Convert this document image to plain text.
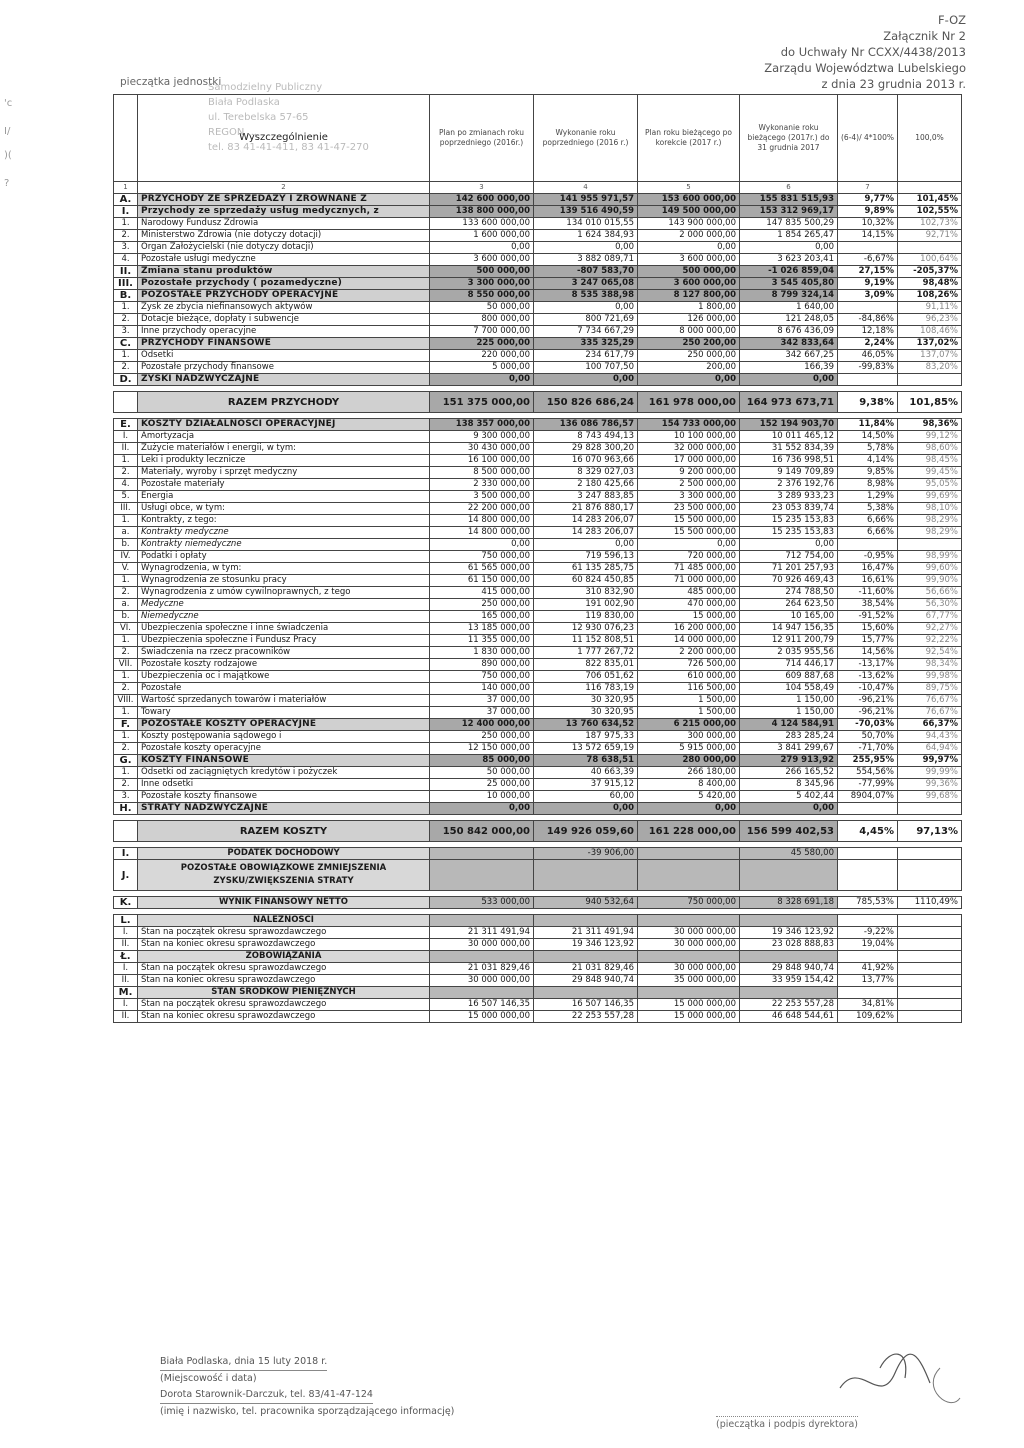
F-OZ
Załącznik Nr 2
do Uchwały Nr CCXX/4438/2013
Zarządu Województwa Lubelskiego
z dnia 23 grudnia 2013 r.
pieczątka jednostki
Samodzielny Publiczny
Biała Podlaska
ul. Terebelska 57-65
REGON ...
tel. 83 41-41-411, 83 41-47-270
'c
I/
)(
?
	Wyszczególnienie	Plan po zmianach roku poprzedniego (2016r.)	Wykonanie roku poprzedniego (2016 r.)	Plan roku bieżącego po korekcie (2017 r.)	Wykonanie roku bieżącego (2017r.) do 31 grudnia 2017	(6-4)/ 4*100%	100,0%
1	2	3	4	5	6	7	
A.	PRZYCHODY ZE SPRZEDAŻY I ZRÓWNANE Z	142 600 000,00	141 955 971,57	153 600 000,00	155 831 515,93	9,77%	101,45%
I.	Przychody ze sprzedaży usług medycznych, z	138 800 000,00	139 516 490,59	149 500 000,00	153 312 969,17	9,89%	102,55%
1.	Narodowy Fundusz Zdrowia	133 600 000,00	134 010 015,55	143 900 000,00	147 835 500,29	10,32%	102,73%
2.	Ministerstwo Zdrowia (nie dotyczy dotacji)	1 600 000,00	1 624 384,93	2 000 000,00	1 854 265,47	14,15%	92,71%
3.	Organ Założycielski (nie dotyczy dotacji)	0,00	0,00	0,00	0,00		
4.	Pozostałe usługi medyczne	3 600 000,00	3 882 089,71	3 600 000,00	3 623 203,41	-6,67%	100,64%
II.	Zmiana stanu produktów	500 000,00	-807 583,70	500 000,00	-1 026 859,04	27,15%	-205,37%
III.	Pozostałe przychody ( pozamedyczne)	3 300 000,00	3 247 065,08	3 600 000,00	3 545 405,80	9,19%	98,48%
B.	POZOSTAŁE PRZYCHODY OPERACYJNE	8 550 000,00	8 535 388,98	8 127 800,00	8 799 324,14	3,09%	108,26%
1.	Zysk ze zbycia niefinansowych aktywów	50 000,00	0,00	1 800,00	1 640,00		91,11%
2.	Dotacje bieżące, dopłaty i subwencje	800 000,00	800 721,69	126 000,00	121 248,05	-84,86%	96,23%
3.	Inne przychody operacyjne	7 700 000,00	7 734 667,29	8 000 000,00	8 676 436,09	12,18%	108,46%
C.	PRZYCHODY FINANSOWE	225 000,00	335 325,29	250 200,00	342 833,64	2,24%	137,02%
1.	Odsetki	220 000,00	234 617,79	250 000,00	342 667,25	46,05%	137,07%
2.	Pozostałe przychody finansowe	5 000,00	100 707,50	200,00	166,39	-99,83%	83,20%
D.	ZYSKI NADZWYCZAJNE	0,00	0,00	0,00	0,00		

	RAZEM PRZYCHODY	151 375 000,00	150 826 686,24	161 978 000,00	164 973 673,71	9,38%	101,85%

E.	KOSZTY DZIAŁALNOŚCI OPERACYJNEJ	138 357 000,00	136 086 786,57	154 733 000,00	152 194 903,70	11,84%	98,36%
I.	Amortyzacja	9 300 000,00	8 743 494,13	10 100 000,00	10 011 465,12	14,50%	99,12%
II.	Zużycie materiałów i energii, w tym:	30 430 000,00	29 828 300,20	32 000 000,00	31 552 834,39	5,78%	98,60%
1.	Leki i produkty lecznicze	16 100 000,00	16 070 963,66	17 000 000,00	16 736 998,51	4,14%	98,45%
2.	Materiały, wyroby i sprzęt medyczny	8 500 000,00	8 329 027,03	9 200 000,00	9 149 709,89	9,85%	99,45%
4.	Pozostałe materiały	2 330 000,00	2 180 425,66	2 500 000,00	2 376 192,76	8,98%	95,05%
5.	Energia	3 500 000,00	3 247 883,85	3 300 000,00	3 289 933,23	1,29%	99,69%
III.	Usługi obce, w tym:	22 200 000,00	21 876 880,17	23 500 000,00	23 053 839,74	5,38%	98,10%
1.	Kontrakty, z tego:	14 800 000,00	14 283 206,07	15 500 000,00	15 235 153,83	6,66%	98,29%
a.	Kontrakty medyczne	14 800 000,00	14 283 206,07	15 500 000,00	15 235 153,83	6,66%	98,29%
b.	Kontrakty niemedyczne	0,00	0,00	0,00	0,00		
IV.	Podatki i opłaty	750 000,00	719 596,13	720 000,00	712 754,00	-0,95%	98,99%
V.	Wynagrodzenia, w tym:	61 565 000,00	61 135 285,75	71 485 000,00	71 201 257,93	16,47%	99,60%
1.	Wynagrodzenia ze stosunku pracy	61 150 000,00	60 824 450,85	71 000 000,00	70 926 469,43	16,61%	99,90%
2.	Wynagrodzenia z umów cywilnoprawnych, z tego	415 000,00	310 832,90	485 000,00	274 788,50	-11,60%	56,66%
a.	Medyczne	250 000,00	191 002,90	470 000,00	264 623,50	38,54%	56,30%
b.	Niemedyczne	165 000,00	119 830,00	15 000,00	10 165,00	-91,52%	67,77%
VI.	Ubezpieczenia społeczne i inne świadczenia	13 185 000,00	12 930 076,23	16 200 000,00	14 947 156,35	15,60%	92,27%
1.	Ubezpieczenia społeczne i Fundusz Pracy	11 355 000,00	11 152 808,51	14 000 000,00	12 911 200,79	15,77%	92,22%
2.	Świadczenia na rzecz pracowników	1 830 000,00	1 777 267,72	2 200 000,00	2 035 955,56	14,56%	92,54%
VII.	Pozostałe koszty rodzajowe	890 000,00	822 835,01	726 500,00	714 446,17	-13,17%	98,34%
1.	Ubezpieczenia oc i majątkowe	750 000,00	706 051,62	610 000,00	609 887,68	-13,62%	99,98%
2.	Pozostałe	140 000,00	116 783,19	116 500,00	104 558,49	-10,47%	89,75%
VIII.	Wartość sprzedanych towarów i materiałów	37 000,00	30 320,95	1 500,00	1 150,00	-96,21%	76,67%
1.	Towary	37 000,00	30 320,95	1 500,00	1 150,00	-96,21%	76,67%
F.	POZOSTAŁE KOSZTY OPERACYJNE	12 400 000,00	13 760 634,52	6 215 000,00	4 124 584,91	-70,03%	66,37%
1.	Koszty postępowania sądowego i	250 000,00	187 975,33	300 000,00	283 285,24	50,70%	94,43%
2.	Pozostałe koszty operacyjne	12 150 000,00	13 572 659,19	5 915 000,00	3 841 299,67	-71,70%	64,94%
G.	KOSZTY FINANSOWE	85 000,00	78 638,51	280 000,00	279 913,92	255,95%	99,97%
1.	Odsetki od zaciągniętych kredytów i pożyczek	50 000,00	40 663,39	266 180,00	266 165,52	554,56%	99,99%
2.	Inne odsetki	25 000,00	37 915,12	8 400,00	8 345,96	-77,99%	99,36%
3.	Pozostałe koszty finansowe	10 000,00	60,00	5 420,00	5 402,44	8904,07%	99,68%
H.	STRATY NADZWYCZAJNE	0,00	0,00	0,00	0,00		

	RAZEM KOSZTY	150 842 000,00	149 926 059,60	161 228 000,00	156 599 402,53	4,45%	97,13%

I.	PODATEK DOCHODOWY		-39 906,00		45 580,00		
J.	POZOSTAŁE OBOWIĄZKOWE ZMNIEJSZENIA ZYSKU/ZWIĘKSZENIA STRATY						

K.	WYNIK FINANSOWY NETTO	533 000,00	940 532,64	750 000,00	8 328 691,18	785,53%	1110,49%

L.	NALEŻNOŚCI						
I.	Stan na początek okresu sprawozdawczego	21 311 491,94	21 311 491,94	30 000 000,00	19 346 123,92	-9,22%	
II.	Stan na koniec okresu sprawozdawczego	30 000 000,00	19 346 123,92	30 000 000,00	23 028 888,83	19,04%	
Ł.	ZOBOWIĄZANIA						
I.	Stan na początek okresu sprawozdawczego	21 031 829,46	21 031 829,46	30 000 000,00	29 848 940,74	41,92%	
II.	Stan na koniec okresu sprawozdawczego	30 000 000,00	29 848 940,74	35 000 000,00	33 959 154,42	13,77%	
M.	STAN ŚRODKÓW PIENIĘŻNYCH						
I.	Stan na początek okresu sprawozdawczego	16 507 146,35	16 507 146,35	15 000 000,00	22 253 557,28	34,81%	
II.	Stan na koniec okresu sprawozdawczego	15 000 000,00	22 253 557,28	15 000 000,00	46 648 544,61	109,62%	
Biała Podlaska, dnia 15 luty 2018 r.
(Miejscowość i data)
Dorota Starownik-Darczuk, tel. 83/41-47-124
(imię i nazwisko, tel. pracownika sporządzającego informację)
(pieczątka i podpis dyrektora)
